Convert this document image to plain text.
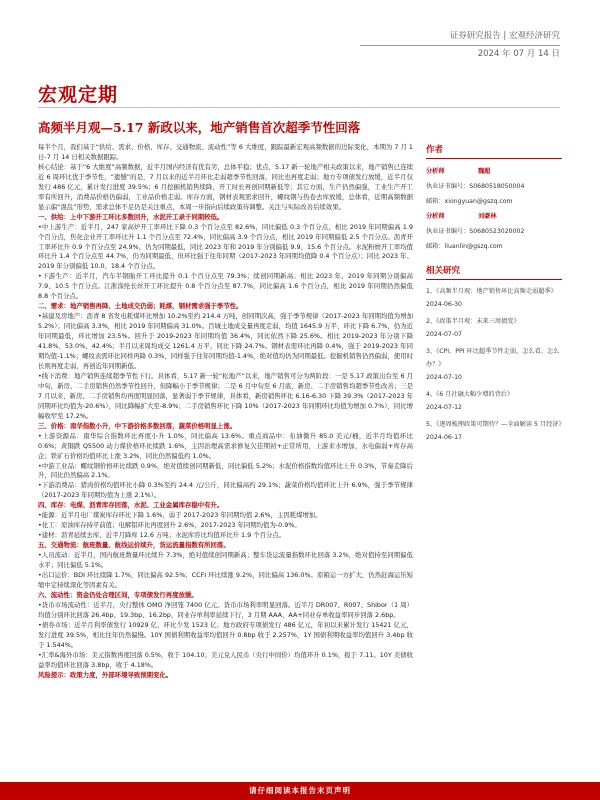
证券研究报告 | 宏观经济研究
2024 年 07 月 14 日
宏观定期
高频半月观—5.17 新政以来，地产销售首次超季节性回落

每半个月，我们基于“供给、需求、价格、库存、交通物流、流动性”等 6 大维度，跟踪最新宏观高频数据的边际变化，本期为 7 月 1 日-7 月 14 日相关数据跟踪。

核心结论：基于“6 大维度”高频数据，近半月国内经济有优有劣，总体平稳；优点，5.17 新一轮地产相关政策以来，地产销售已连续近 6 周环比优于季节性，“遗憾”的是，7 月以来的近半月环比走弱超季节性回落，同比也再度走弱；地方专项债发行放缓，近半月仅发行 486 亿元，累计发行进度 39.5%；6 月挖掘机销售续降，开工时长再创同期新低等；其它方面，生产仍然偏强，工业生产开工率有所回升，消费品价格仍偏弱，工业品价格走弱。库存方面，钢材表观需求回升，螺纹钢与热卷去库放缓，总体看，近期高频数据显示偏“混乱”形势，需求总体不足仍是关注重点，本周一步指向后续政策待调整。关注与实际改善后续效果。

一、供给：上中下游开工环比多数回升，水泥开工录于同期较低。

•中上游生产：近半月，247 家高炉开工率环比下降 0.3 个百分点至 82.6%，同比偏低 0.3 个百分点，相比 2019 年同期偏高 1.9 个百分点，焦化企业开工率环比升 1.1 个百分点至 72.4%，同比偏高 3.9 个百分点，相比 2019 年同期偏低 2.5 个百分点。沥青开工率环比升 0.9 个百分点至 24.9%，仍为同期最低，同比 2023 年和 2019 年分别偏低 9.9、15.6 个百分点。水泥粉磨开工率均值环比升 1.4 个百分点至 44.7%，仍为同期最低，但环比强于往年同期（2017-2023 年同期均值降 0.4 个百分点）；同比 2023 年、2019 年分别偏低 10.0、18.4 个百分点。

•下游生产：近半月，汽车半钢胎开工环比提升 0.1 个百分点至 79.3%；续创同期新高；相比 2023 年、2019 年同期分别偏高 7.9、10.5 个百分点。江浙涤纶长丝开工环比提升 0.8 个百分点至 87.7%，同比偏高 1.6 个百分点，相比 2019 年同期仍然偏低 8.8 个百分点。

二、需求：地产销售再降、土地成交仍弱；耗煤、钢材需求强于季节性。

•基建及房地产：沥青 8 省发电耗煤环比增加 10.2%至约 214.4 万吨，创同期次高，强于季节规律（2017-2023 年同期均值为增加 5.2%）；同比偏高 3.3%，相比 2019 年同期偏高 31.0%。百城土地成交量再度走弱，均值 1645.9 万平，环比下降 6.7%，仍为近年同期最低，环比增加 23.5%。回升于 2019-2023 年同期均值 36.4%，同比依然下降 25.6%。相比 2019-2023 年分别下降 41.8%、53.0%、42.4%；半月以来周均成交 1261.4 万平，同比下降 24.7%。钢材表需环比再降 0.4%，强于 2019-2023 年同期均值-1.1%；螺纹表需环比同样再降 0.3%，同样强于往年同期均值-1.4%，绝对值均仍为同期最低。挖掘机销售仍然偏弱，使用时长则再度走弱，再创近年同期新低。

•线下消费：地产销售连续超季节性下行。具体看，5.17 新一轮“松地产”以来，地产销售可分为两阶段：一是 5.17 政策出台至 6 月中旬，新房、二手房销售仍然季节性回升，但降幅小于季节规律；二是 6 月中旬至 6 月底，新房、二手房销售均超季节性改善；三是 7 月以来，新房、二手房销售均再度明显回落，显著弱于季节规律，具体看，新房销售环比 6.16-6.30 下降 39.3%（2017-2023 年同期环比均值为-20.6%），同比降幅扩大至-8.9%；二手房销售环比下降 10%（2017-2023 年同期环比均值为增加 0.7%），同比增幅收窄至 17.2%。

三、价格：南华指数小升，中下游价格多数回落，蔬菜价格明显上涨。

•上游资源品：南华综合指数环比再度小升 1.0%，同比偏高 13.6%。重点商品中：布油微升 85.0 美元/桶，近半月均值环比 0.6%；黄铜跌 Q5500 动力煤价格环比续跌 1.6%，主因治理高需求修复欠佳期初+正常所用，上游来水增加，水电偏弱+库存高企；铁矿石价格均值环比上涨 3.2%，同比仍然偏低约 1.0%。

•中游工业品：螺纹钢价格环比续跌 0.9%，绝对值续创同期新低，同比偏低 5.2%；水泥价格指数均值环比上升 0.3%，节奏走降后升，同比仍然偏高 2.1%。

•下游消费品：猪肉价格均值环比小降 0.3%至约 24.4 元/公斤，同比偏高约 29.1%；蔬菜价格均值环比上升 6.9%，强于季节规律（2017-2023 年同期均值为上涨 2.1%）。

四、库存：电煤、沥青库存回落，水泥、工业金属库存稳中有升。

•能源：近半月电厂煤炭库存环比下降 1.6%，弱于 2017-2023 年同期均值 2.6%，主因耗煤增加。

•化工：原油库存持平前值；电解铝环比再度回升 2.6%，2017-2023 年同期均值为-0.9%。

•建材：沥青延续去库，近半月降库 12.6 万吨；水泥库容比均值环比升 1.9 个百分点。

五、交通物流：航班数量、航线运价续升，货运流量指数有所回落。

•人员流动：近半月，国内航班数量环比续升 7.3%，绝对值续创同期新高；整车货运流量指数环比回落 3.2%，绝对值持至同期偏低水平；同比偏低 5.1%。

•出口运价：BDI 环比续降 1.7%，同比偏高 92.5%；CCFI 环比续涨 9.2%，同比偏高 136.0%。原箱运一方扩大，仍然赶海运压短缩中定持续深化等因素有关。

六、流动性：资金仍处合理区间，专项债发行再度放缓。

•货币市场流动性：近半月，央行整体 OMO 净回笼 7400 亿元。货币市场利率明显回落。近半月 DR007、R007、Shibor（1 周）均值分别环比回落 26.4bp、19.3bp、16.2bp，同业存单利率延续下行，3 月期 AAA、AA+同业存单收益率同步回落 2.6bp。

•债券市场：近半月利率债发行 10929 亿，环比少发 1523 亿；地方政府专项债发行 486 亿元，年初以来累计发行 15421 亿元，发行进度 39.5%，相比往年仍然偏慢。10Y 国债利期收益率均值回升 0.8bp 收于 2.257%，1Y 国债利期收益率均值回升 3.4bp 收于 1.544%。

•汇率&海外市场：美元指数再度回落 0.5%，收于 104.10；美元兑人民币（央行中间价）均值环升 0.1%，报于 7.11。10Y 美债收益率均值环比回落 3.8bp，收于 4.18%。

风险提示：政策力度，外部环境导致预期变化。

作者
分析师	魏超
执业证书编号：S0680518050004
邮箱：xiongyuan@gszq.com
分析师	刘豪林
执业证书编号：S0680523020002
邮箱：liuanlin@gszq.com
相关研究
1、《高频半月观：地产销售环比高频走弱超季》
2024-06-30
2、《政策半月观：未来三周债变》
2024-07-07
3、《CPI、PPI 环比超季节性走弱，怎么看、怎么办？》
2024-07-10
4、《6 月社融大幅少增的背后》
2024-07-12
5、《逐周梳理政策可期待？—全面解读 5 月经济》
2024-06-17
请仔细阅读本报告末页声明
